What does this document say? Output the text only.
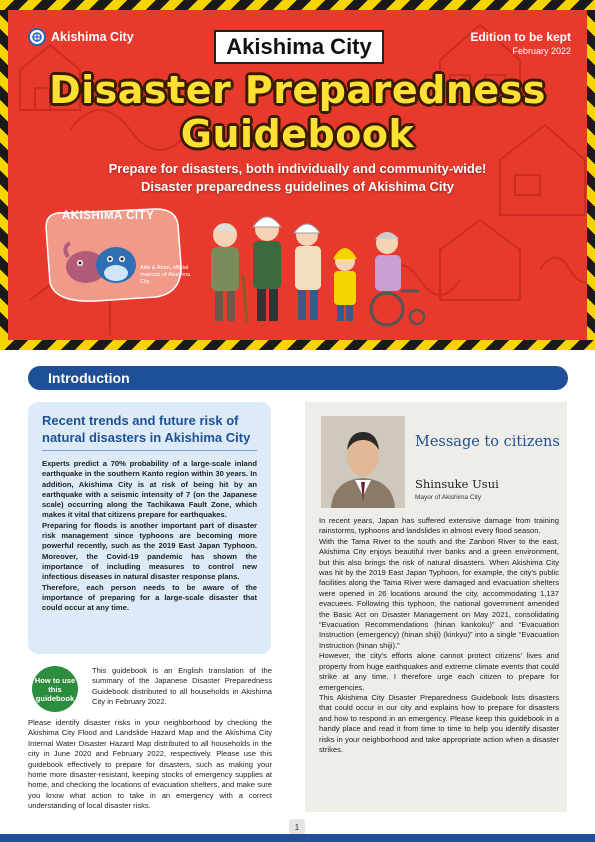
Akishima City	Akishima City	Edition to be kept
February 2022
Disaster Preparedness
Guidebook
Prepare for disasters, both individually and community-wide!
Disaster preparedness guidelines of Akishima City
AKISHIMA CITY
Akki & Airan, official mascots of Akishima City
Introduction
Recent trends and future risk of natural disasters in Akishima City

Experts predict a 70% probability of a large-scale inland earthquake in the southern Kanto region within 30 years. In addition, Akishima City is at risk of being hit by an earthquake with a seismic intensity of 7 (on the Japanese scale) occurring along the Tachikawa Fault Zone, which makes it vital that citizens prepare for earthquakes.

Preparing for floods is another important part of disaster risk management since typhoons are becoming more powerful recently, such as the 2019 East Japan Typhoon. Moreover, the Covid-19 pandemic has shown the importance of including measures to control new infectious diseases in natural disaster response plans.

Therefore, each person needs to be aware of the importance of preparing for a large-scale disaster that could occur at any time.

How to use this guidebook
This guidebook is an English translation of the summary of the Japanese Disaster Preparedness Guidebook distributed to all households in Akishima City in February 2022.
Please identify disaster risks in your neighborhood by checking the Akishima City Flood and Landslide Hazard Map and the Akishima City Internal Water Disaster Hazard Map distributed to all households in the city in June 2020 and February 2022, respectively. Please use this guidebook effectively to prepare for disasters, such as making your home more disaster-resistant, keeping stocks of emergency supplies at home, and checking the locations of evacuation shelters, and make sure you know what action to take in an emergency with a correct understanding of local disaster risks.
Message to citizens
Shinsuke Usui
Mayor of Akishima City

In recent years, Japan has suffered extensive damage from training rainstorms, typhoons and landslides in almost every flood season.

With the Tama River to the south and the Zanbori River to the east, Akishima City enjoys beautiful river banks and a green environment, but this also brings the risk of natural disasters. When Akishima City was hit by the 2019 East Japan Typhoon, for example, the city's public facilities along the Tama River were damaged and evacuation shelters were opened in 26 locations around the city, accommodating 1,137 evacuees. Following this typhoon, the national government amended the Basic Act on Disaster Management on May 2021, consolidating “Evacuation Recommendations (hinan kankoku)” and “Evacuation Instruction (emergency) (hinan shiji) (kinkyu)” into a single “Evacuation Instruction (hinan shiji).”

However, the city's efforts alone cannot protect citizens' lives and property from huge earthquakes and extreme climate events that could strike at any time. I therefore urge each citizen to prepare for emergencies.

This Akishima City Disaster Preparedness Guidebook lists disasters that could occur in our city and explains how to prepare for disasters and how to respond in an emergency. Please keep this guidebook in a handy place and read it from time to time to help you identify disaster risks in your neighborhood and take appropriate action when a disaster strikes.

1
